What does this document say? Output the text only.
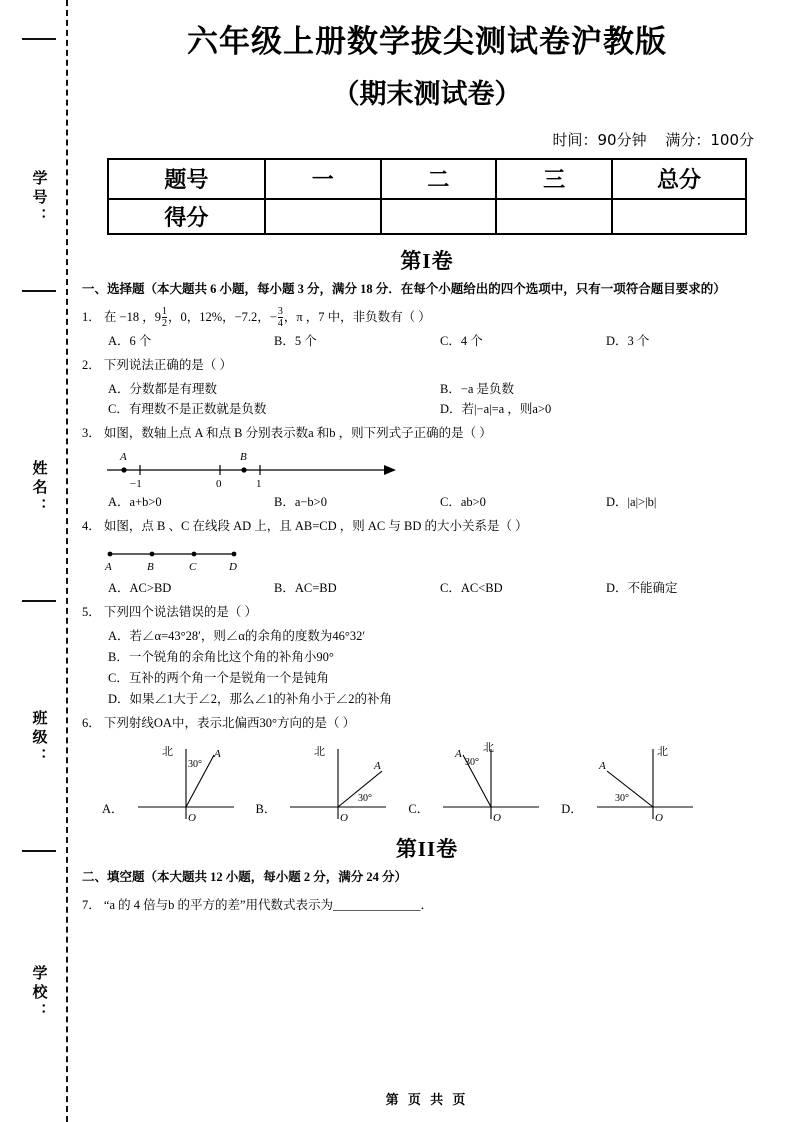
学号：
姓名：
班级：
学校：
六年级上册数学拔尖测试卷沪教版
（期末测试卷）
时间：90分钟 满分：100分
题号	一	二	三	总分
得分				
第I卷
一、选择题（本大题共 6 小题，每小题 3 分，满分 18 分．在每个小题给出的四个选项中，只有一项符合题目要求的）
1． 在 −18 ，$9 \frac{1}{2}$ ，0，12%，−7.2，− $\frac{3}{4}$ ，π ，7 中，非负数有（ ）
A．6 个	B．5 个	C．4 个	D．3 个
2． 下列说法正确的是（ ）
A．分数都是有理数	B．−a 是负数
C．有理数不是正数就是负数	D．若|−a|=a ，则a>0
3． 如图，数轴上点 A 和点 B 分别表示数a 和b ，则下列式子正确的是（ ）
A	B
−1	0	1
A．a+b>0	B．a−b>0	C．ab>0	D．|a|>|b|
4． 如图，点 B 、C 在线段 AD 上，且 AB=CD ，则 AC 与 BD 的大小关系是（ ）
A	B	C	D
A．AC>BD	B．AC=BD	C．AC<BD	D．不能确定
5． 下列四个说法错误的是（ ）
A．若∠α=43°28′，则∠α的余角的度数为46°32′
B．一个锐角的余角比这个角的补角小90°
C．互补的两个角一个是锐角一个是钝角
D．如果∠1大于∠2，那么∠1的补角小于∠2的补角
6． 下列射线OA中，表示北偏西30°方向的是（ ）
A．
北	A
30°
O
B．
北
A
30°
O
C．
北
A
30°
O
D．
北
A
30°
O
第II卷
二、填空题（本大题共 12 小题，每小题 2 分，满分 24 分）
7． “a 的 4 倍与b 的平方的差”用代数式表示为______________．
第 页 共 页
